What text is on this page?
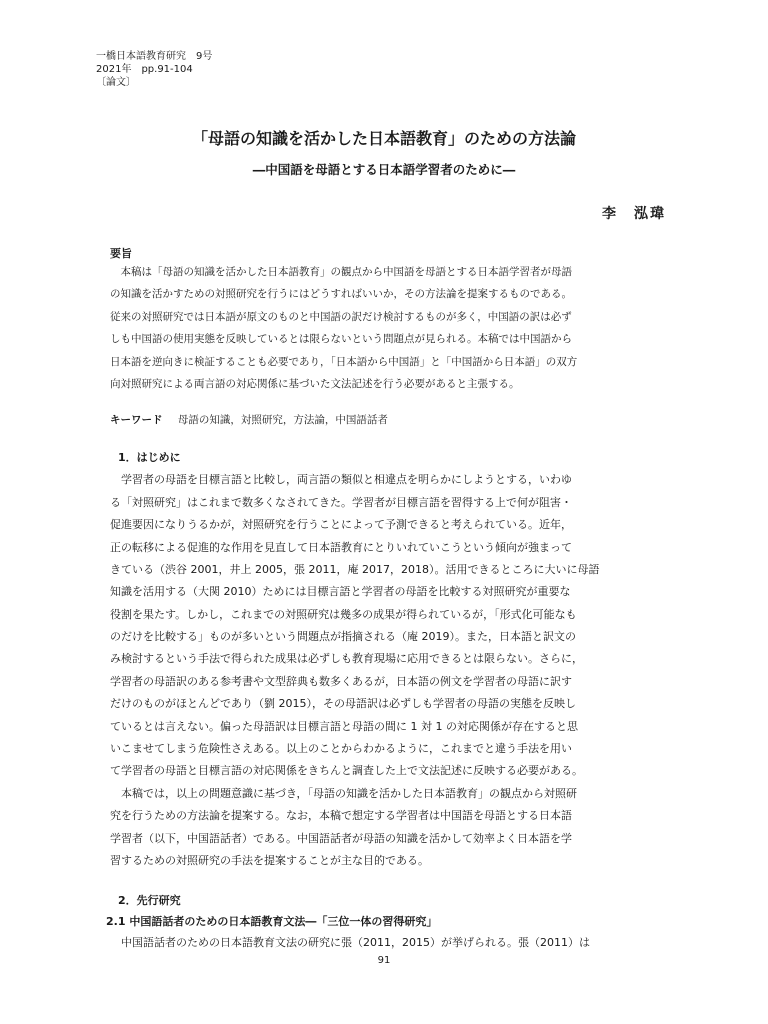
一橋日本語教育研究　9号
2021年　pp.91-104
〔論文〕
「母語の知識を活かした日本語教育」のための方法論
―中国語を母語とする日本語学習者のために―
李　泓瑋
要旨
　本稿は「母語の知識を活かした日本語教育」の観点から中国語を母語とする日本語学習者が母語
の知識を活かすための対照研究を行うにはどうすればいいか，その方法論を提案するものである。
従来の対照研究では日本語が原文のものと中国語の訳だけ検討するものが多く，中国語の訳は必ず
しも中国語の使用実態を反映しているとは限らないという問題点が見られる。本稿では中国語から
日本語を逆向きに検証することも必要であり，「日本語から中国語」と「中国語から日本語」の双方
向対照研究による両言語の対応関係に基づいた文法記述を行う必要があると主張する。
キーワード 母語の知識，対照研究，方法論，中国語話者
1．はじめに
　学習者の母語を目標言語と比較し，両言語の類似と相違点を明らかにしようとする，いわゆ
る「対照研究」はこれまで数多くなされてきた。学習者が目標言語を習得する上で何が阻害・
促進要因になりうるかが，対照研究を行うことによって予測できると考えられている。近年，
正の転移による促進的な作用を見直して日本語教育にとりいれていこうという傾向が強まって
きている（渋谷 2001，井上 2005，張 2011，庵 2017，2018）。活用できるところに大いに母語
知識を活用する（大関 2010）ためには目標言語と学習者の母語を比較する対照研究が重要な
役割を果たす。しかし，これまでの対照研究は幾多の成果が得られているが，「形式化可能なも
のだけを比較する」ものが多いという問題点が指摘される（庵 2019）。また，日本語と訳文の
み検討するという手法で得られた成果は必ずしも教育現場に応用できるとは限らない。さらに，
学習者の母語訳のある参考書や文型辞典も数多くあるが，日本語の例文を学習者の母語に訳す
だけのものがほとんどであり（劉 2015），その母語訳は必ずしも学習者の母語の実態を反映し
ているとは言えない。偏った母語訳は目標言語と母語の間に 1 対 1 の対応関係が存在すると思
いこませてしまう危険性さえある。以上のことからわかるように，これまでと違う手法を用い
て学習者の母語と目標言語の対応関係をきちんと調査した上で文法記述に反映する必要がある。
　本稿では，以上の問題意識に基づき，「母語の知識を活かした日本語教育」の観点から対照研
究を行うための方法論を提案する。なお，本稿で想定する学習者は中国語を母語とする日本語
学習者（以下，中国語話者）である。中国語話者が母語の知識を活かして効率よく日本語を学
習するための対照研究の手法を提案することが主な目的である。
2．先行研究
2.1 中国語話者のための日本語教育文法―「三位一体の習得研究」
　中国語話者のための日本語教育文法の研究に張（2011，2015）が挙げられる。張（2011）は
91
